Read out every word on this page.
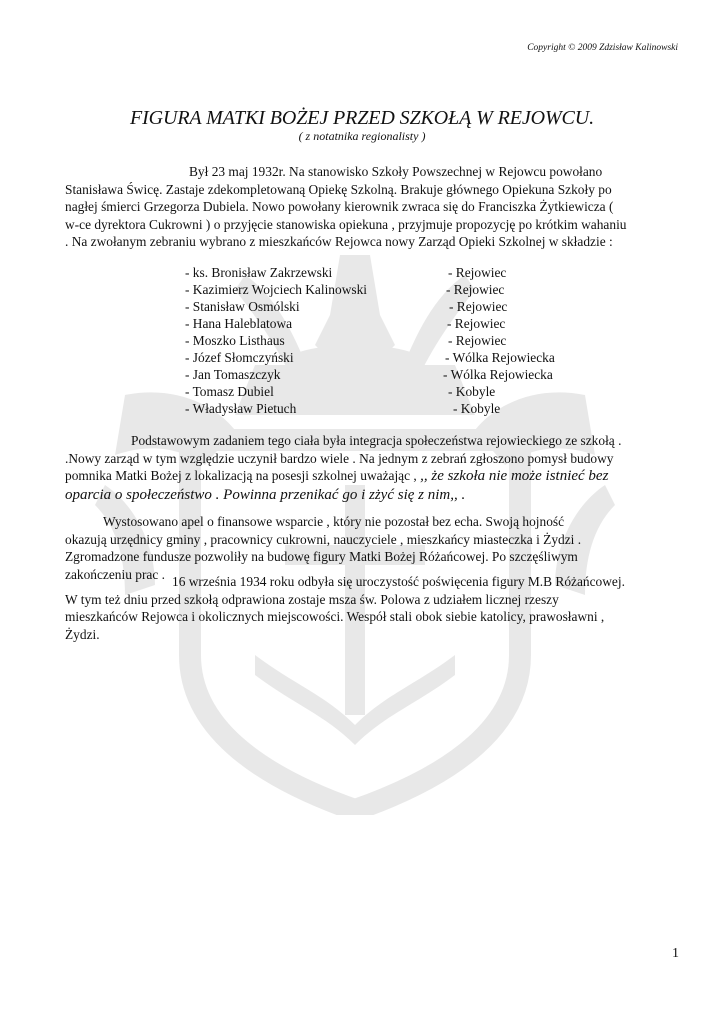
Copyright © 2009 Zdzisław Kalinowski
FIGURA MATKI BOŻEJ PRZED SZKOŁĄ W REJOWCU.
( z notatnika regionalisty )
Był 23 maj 1932r. Na stanowisko Szkoły Powszechnej w Rejowcu powołano
Stanisława Świcę. Zastaje zdekompletowaną Opiekę Szkolną. Brakuje głównego Opiekuna Szkoły po
nagłej śmierci Grzegorza Dubiela. Nowo powołany kierownik zwraca się do Franciszka Żytkiewicza (
w-ce dyrektora Cukrowni ) o przyjęcie stanowiska opiekuna , przyjmuje propozycję po krótkim wahaniu
. Na zwołanym zebraniu wybrano z mieszkańców Rejowca nowy Zarząd Opieki Szkolnej w składzie :
- ks. Bronisław Zakrzewski	- Rejowiec
- Kazimierz Wojciech Kalinowski	- Rejowiec
- Stanisław Osmólski	- Rejowiec
- Hana Haleblatowa	- Rejowiec
- Moszko Listhaus	- Rejowiec
- Józef Słomczyński	- Wólka Rejowiecka
- Jan Tomaszczyk	- Wólka Rejowiecka
- Tomasz Dubiel	- Kobyle
- Władysław Pietuch	- Kobyle
Podstawowym zadaniem tego ciała była integracja społeczeństwa rejowieckiego ze szkołą .
.Nowy zarząd w tym względzie uczynił bardzo wiele . Na jednym z zebrań zgłoszono pomysł budowy
pomnika Matki Bożej z lokalizacją na posesji szkolnej uważając , ,, że szkoła nie może istnieć bez
oparcia o społeczeństwo . Powinna przenikać go i zżyć się z nim,, .
Wystosowano apel o finansowe wsparcie , który nie pozostał bez echa. Swoją hojność
okazują urzędnicy gminy , pracownicy cukrowni, nauczyciele , mieszkańcy miasteczka i Żydzi .
Zgromadzone fundusze pozwoliły na budowę figury Matki Bożej Różańcowej. Po szczęśliwym
zakończeniu prac . 16 września 1934 roku odbyła się uroczystość poświęcenia figury M.B Różańcowej.
W tym też dniu przed szkołą odprawiona zostaje msza św. Polowa z udziałem licznej rzeszy
mieszkańców Rejowca i okolicznych miejscowości. Wespół stali obok siebie katolicy, prawosławni ,
Żydzi.
1
